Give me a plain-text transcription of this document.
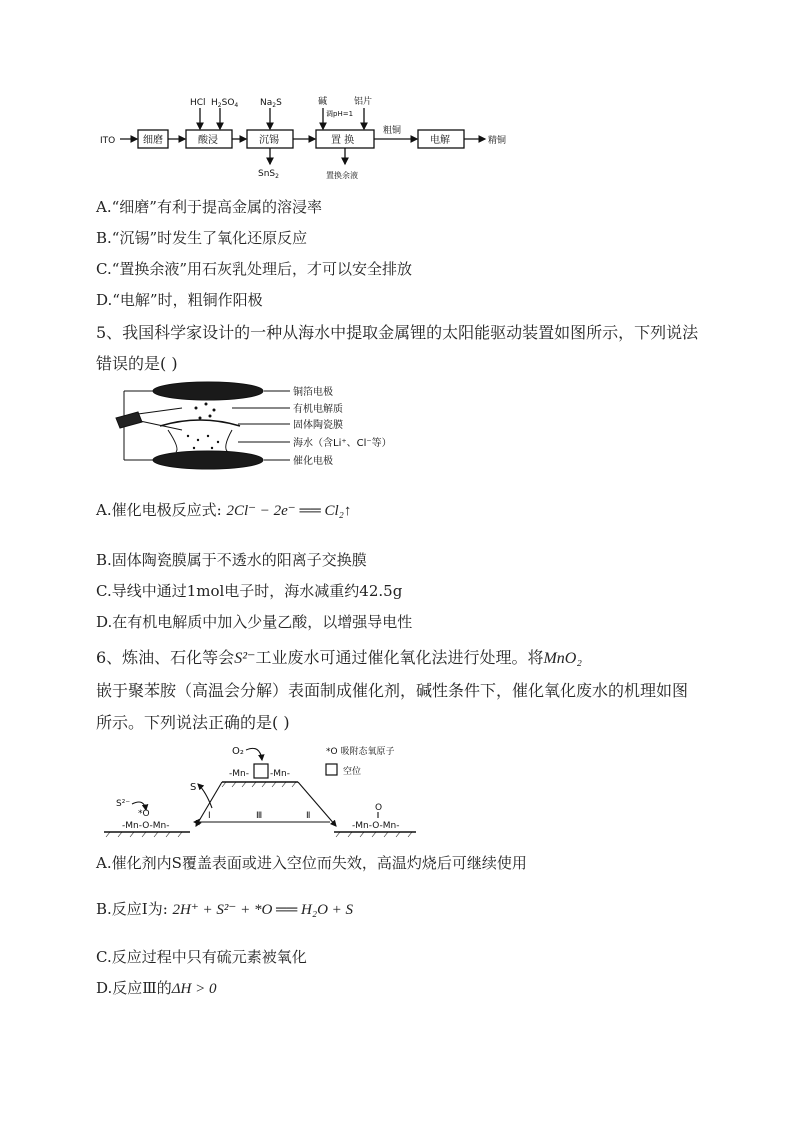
ITO	细磨	酸浸	沉锡	置 换	电解
HCl $H_2SO_4$ $Na_2S$	碱
调pH=1
铝片
粗铜
精铜
SnS$_2$	置换余液
A.“细磨”有利于提高金属的溶浸率
B.“沉锡”时发生了氧化还原反应
C.“置换余液”用石灰乳处理后，才可以安全排放
D.“电解”时，粗铜作阳极
5、我国科学家设计的一种从海水中提取金属锂的太阳能驱动装置如图所示，下列说法
错误的是( )
铜箔电极
有机电解质
固体陶瓷膜
海水（含Li⁺、Cl⁻等）
催化电极
A.催化电极反应式: 2Cl⁻ − 2e⁻ ══ Cl₂↑
B.固体陶瓷膜属于不透水的阳离子交换膜
C.导线中通过1mol电子时，海水减重约42.5g
D.在有机电解质中加入少量乙酸，以增强导电性
6、炼油、石化等会S²⁻工业废水可通过催化氧化法进行处理。将MnO₂
嵌于聚苯胺（高温会分解）表面制成催化剂，碱性条件下，催化氧化废水的机理如图
所示。下列说法正确的是( )
O₂
-Mn- -Mn-
*O 吸附态氧原子
空位
S
S²⁻
*O
-Mn-O-Mn-
O
-Mn-O-Mn-
Ⅰ	Ⅲ	Ⅱ
A.催化剂内S覆盖表面或进入空位而失效，高温灼烧后可继续使用
B.反应Ⅰ为: 2H⁺ + S²⁻ + *O ══ H₂O + S
C.反应过程中只有硫元素被氧化
D.反应Ⅲ的ΔH > 0
